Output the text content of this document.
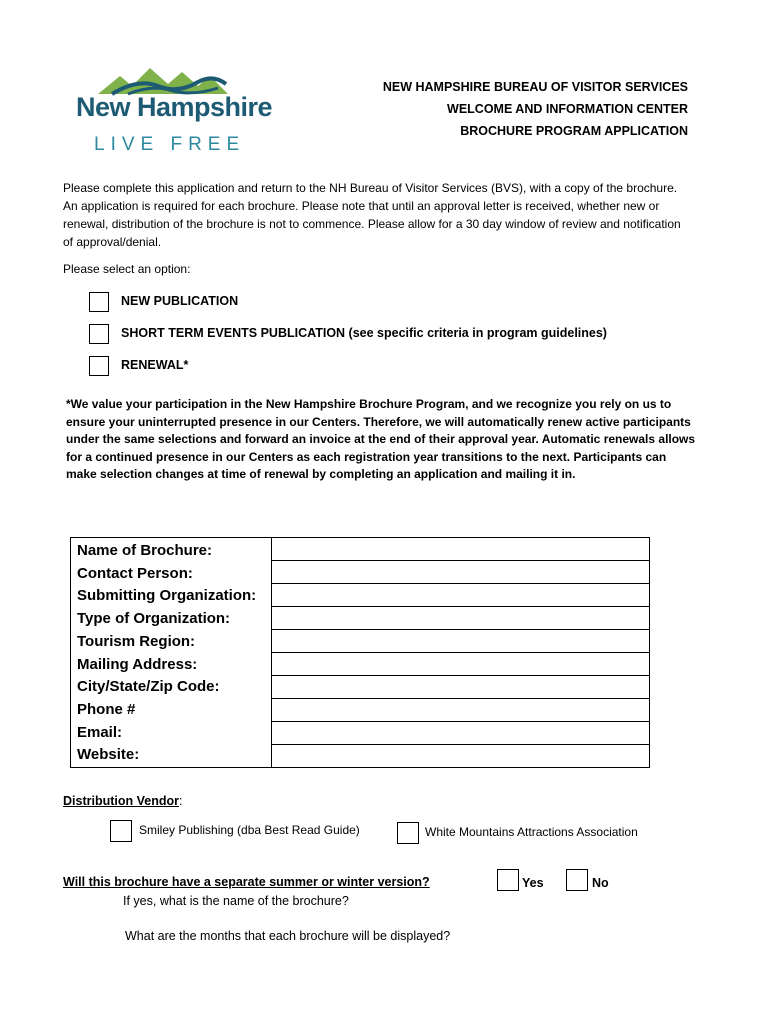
New Hampshire
LIVE FREE
NEW HAMPSHIRE BUREAU OF VISITOR SERVICES
WELCOME AND INFORMATION CENTER
BROCHURE PROGRAM APPLICATION
Please complete this application and return to the NH Bureau of Visitor Services (BVS), with a copy of the brochure. An application is required for each brochure. Please note that until an approval letter is received, whether new or renewal, distribution of the brochure is not to commence. Please allow for a 30 day window of review and notification of approval/denial.
Please select an option:
NEW PUBLICATION
SHORT TERM EVENTS PUBLICATION (see specific criteria in program guidelines)
RENEWAL*
*We value your participation in the New Hampshire Brochure Program, and we recognize you rely on us to ensure your uninterrupted presence in our Centers. Therefore, we will automatically renew active participants under the same selections and forward an invoice at the end of their approval year. Automatic renewals allows for a continued presence in our Centers as each registration year transitions to the next. Participants can make selection changes at time of renewal by completing an application and mailing it in.
Name of Brochure:
Contact Person:
Submitting Organization:
Type of Organization:
Tourism Region:
Mailing Address:
City/State/Zip Code:
Phone #
Email:
Website:

Distribution Vendor:
Smiley Publishing (dba Best Read Guide)	White Mountains Attractions Association
Will this brochure have a separate summer or winter version?	Yes	No
If yes, what is the name of the brochure?
What are the months that each brochure will be displayed?
